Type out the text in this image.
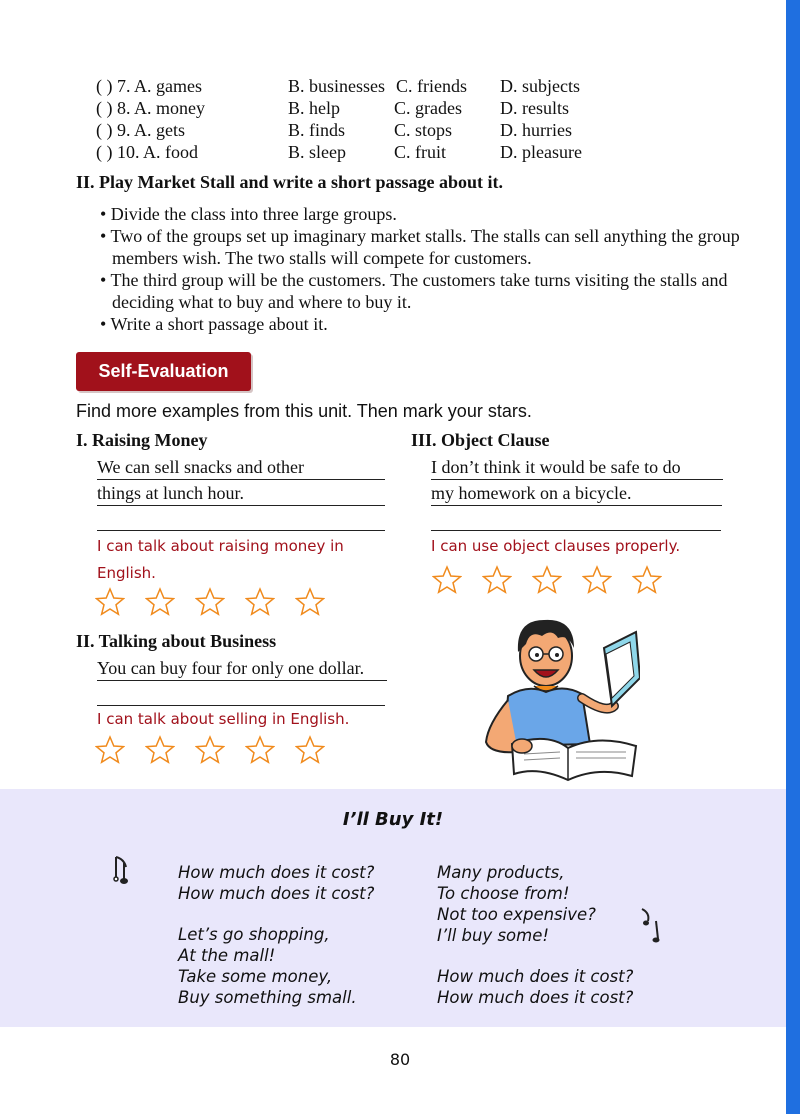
( ) 7. A. games	B. businesses C. friends D. subjects
( ) 8. A. money	B. help	C. grades D. results
( ) 9. A. gets	B. finds	C. stops	D. hurries
( ) 10. A. food	B. sleep	C. fruit	D. pleasure
II. Play Market Stall and write a short passage about it.

• Divide the class into three large groups.

• Two of the groups set up imaginary market stalls. The stalls can sell anything the group members wish. The two stalls will compete for customers.

• The third group will be the customers. The customers take turns visiting the stalls and deciding what to buy and where to buy it.

• Write a short passage about it.

Self-Evaluation
Find more examples from this unit. Then mark your stars.
I. Raising Money
We can sell snacks and other
things at lunch hour.
I can talk about raising money in English.
III. Object Clause
I don’t think it would be safe to do
my homework on a bicycle.
I can use object clauses properly.
II. Talking about Business
You can buy four for only one dollar.
I can talk about selling in English.
I’ll Buy It!
How much does it cost?
How much does it cost?
Let’s go shopping,
At the mall!
Take some money,
Buy something small.
Many products,
To choose from!
Not too expensive?
I’ll buy some!
How much does it cost?
How much does it cost?
80
